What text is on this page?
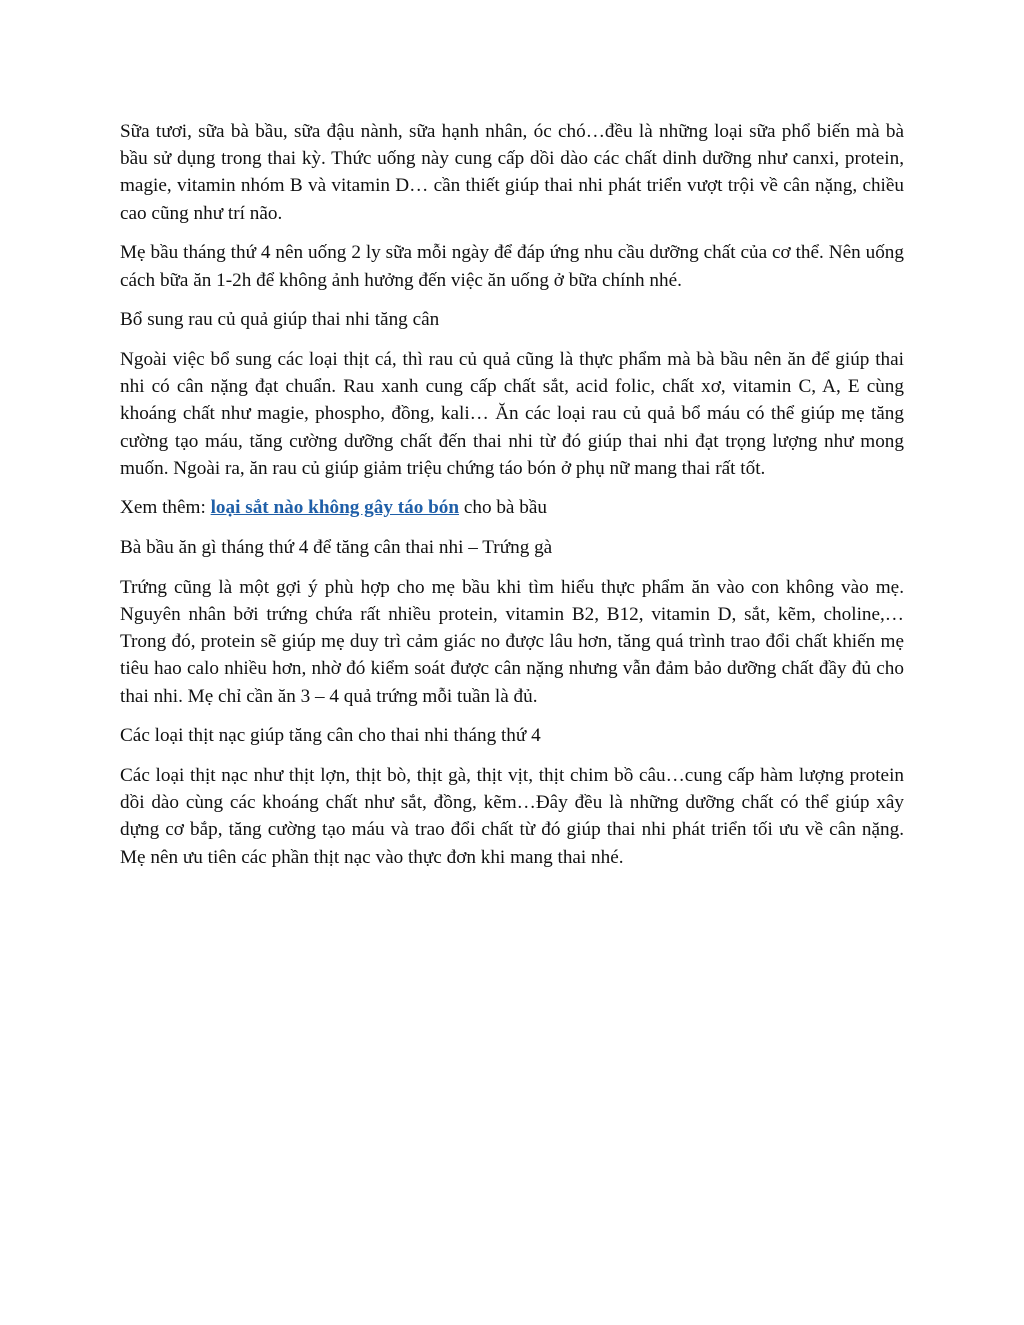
Sữa tươi, sữa bà bầu, sữa đậu nành, sữa hạnh nhân, óc chó…đều là những loại sữa phổ biến mà bà bầu sử dụng trong thai kỳ. Thức uống này cung cấp dồi dào các chất dinh dưỡng như canxi, protein, magie, vitamin nhóm B và vitamin D… cần thiết giúp thai nhi phát triển vượt trội về cân nặng, chiều cao cũng như trí não.

Mẹ bầu tháng thứ 4 nên uống 2 ly sữa mỗi ngày để đáp ứng nhu cầu dưỡng chất của cơ thể. Nên uống cách bữa ăn 1-2h để không ảnh hưởng đến việc ăn uống ở bữa chính nhé.

Bổ sung rau củ quả giúp thai nhi tăng cân

Ngoài việc bổ sung các loại thịt cá, thì rau củ quả cũng là thực phẩm mà bà bầu nên ăn để giúp thai nhi có cân nặng đạt chuẩn. Rau xanh cung cấp chất sắt, acid folic, chất xơ, vitamin C, A, E cùng khoáng chất như magie, phospho, đồng, kali… Ăn các loại rau củ quả bổ máu có thể giúp mẹ tăng cường tạo máu, tăng cường dưỡng chất đến thai nhi từ đó giúp thai nhi đạt trọng lượng như mong muốn. Ngoài ra, ăn rau củ giúp giảm triệu chứng táo bón ở phụ nữ mang thai rất tốt.

Xem thêm: loại sắt nào không gây táo bón cho bà bầu

Bà bầu ăn gì tháng thứ 4 để tăng cân thai nhi – Trứng gà

Trứng cũng là một gợi ý phù hợp cho mẹ bầu khi tìm hiểu thực phẩm ăn vào con không vào mẹ. Nguyên nhân bởi trứng chứa rất nhiều protein, vitamin B2, B12, vitamin D, sắt, kẽm, choline,… Trong đó, protein sẽ giúp mẹ duy trì cảm giác no được lâu hơn, tăng quá trình trao đổi chất khiến mẹ tiêu hao calo nhiều hơn, nhờ đó kiểm soát được cân nặng nhưng vẫn đảm bảo dưỡng chất đầy đủ cho thai nhi. Mẹ chỉ cần ăn 3 – 4 quả trứng mỗi tuần là đủ.

Các loại thịt nạc giúp tăng cân cho thai nhi tháng thứ 4

Các loại thịt nạc như thịt lợn, thịt bò, thịt gà, thịt vịt, thịt chim bồ câu…cung cấp hàm lượng protein dồi dào cùng các khoáng chất như sắt, đồng, kẽm…Đây đều là những dưỡng chất có thể giúp xây dựng cơ bắp, tăng cường tạo máu và trao đổi chất từ đó giúp thai nhi phát triển tối ưu về cân nặng. Mẹ nên ưu tiên các phần thịt nạc vào thực đơn khi mang thai nhé.
